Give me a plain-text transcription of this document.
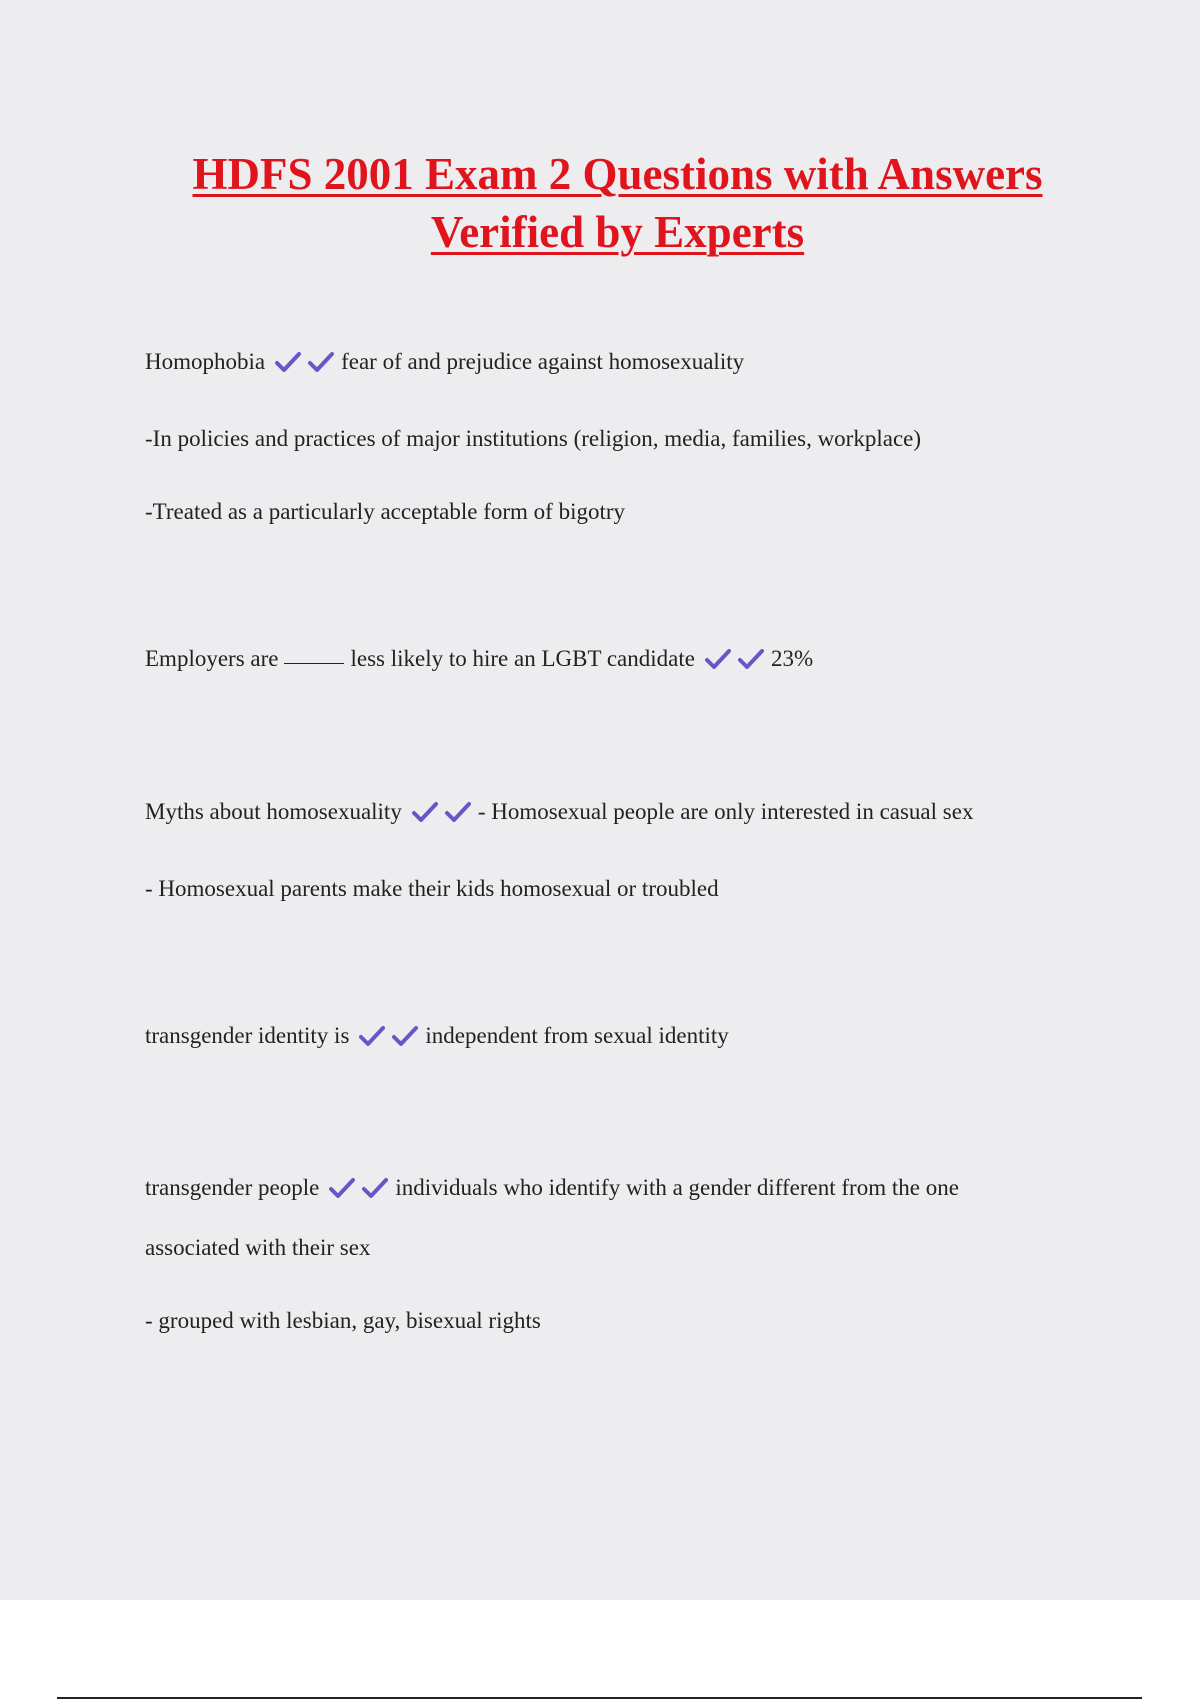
HDFS 2001 Exam 2 Questions with Answers
Verified by Experts

Homophobia	fear of and prejudice against homosexuality

-In policies and practices of major institutions (religion, media, families, workplace)

-Treated as a particularly acceptable form of bigotry

Employers are	less likely to hire an LGBT candidate	23%

Myths about homosexuality	- Homosexual people are only interested in casual sex

- Homosexual parents make their kids homosexual or troubled

transgender identity is	independent from sexual identity

transgender people	individuals who identify with a gender different from the one

associated with their sex

- grouped with lesbian, gay, bisexual rights
